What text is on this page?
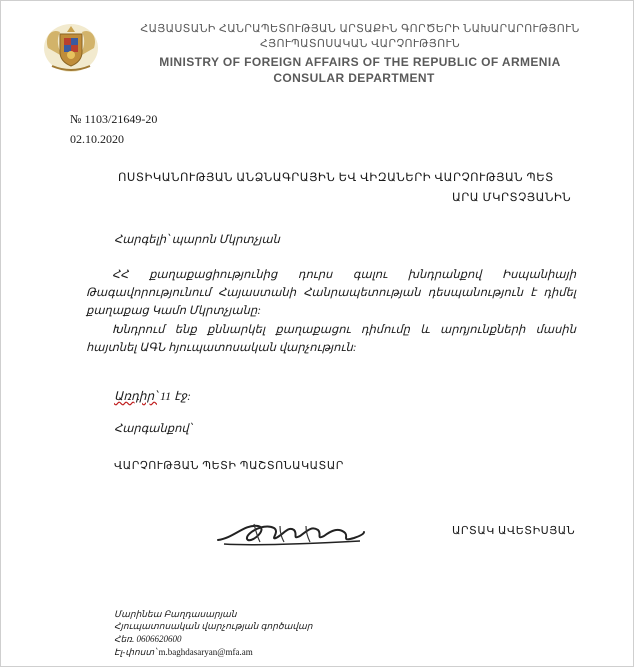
ՀԱՅԱՍՏԱՆԻ ՀԱՆՐԱՊԵՏՈՒԹՅԱՆ ԱՐՏԱՔԻՆ ԳՈՐԾԵՐԻ ՆԱԽԱՐԱՐՈՒԹՅՈՒՆ
ՀՅՈՒՊԱՏՈՍԱԿԱՆ ՎԱՐՉՈՒԹՅՈՒՆ
MINISTRY OF FOREIGN AFFAIRS OF THE REPUBLIC OF ARMENIA
CONSULAR DEPARTMENT
№ 1103/21649-20
02.10.2020
ՈՍՏԻԿԱՆՈՒԹՅԱՆ ԱՆՁՆԱԳՐԱՅԻՆ ԵՎ ՎԻԶԱՆԵՐԻ ՎԱՐՉՈՒԹՅԱՆ ՊԵՏ
ԱՐԱ ՄԿՐՏՉՅԱՆԻՆ
Հարգելի՝ պարոն Մկրտչյան
ՀՀ քաղաքացիությունից դուրս գալու խնդրանքով Իսպանիայի Թագավորությունում Հայաստանի Հանրապետության դեսպանություն է դիմել քաղաքաց Կամո Մկրտչյանը:
Խնդրում ենք քննարկել քաղաքացու դիմումը և արդյունքների մասին հայտնել ԱԳՆ հյուպատոսական վարչություն:
Առդիր՝ 11 էջ:
Հարգանքով՝
ՎԱՐՉՈՒԹՅԱՆ ՊԵՏԻ ՊԱՇՏՈՆԱԿԱՏԱՐ
ԱՐՏԱԿ ԱՎԵՏԻՍՅԱՆ
Մարինեա Բաղդասարյան
Հյուպատոսական վարչության գործավար
Հեռ. 0606620600
Էլ-փոստ՝ m.baghdasaryan@mfa.am
